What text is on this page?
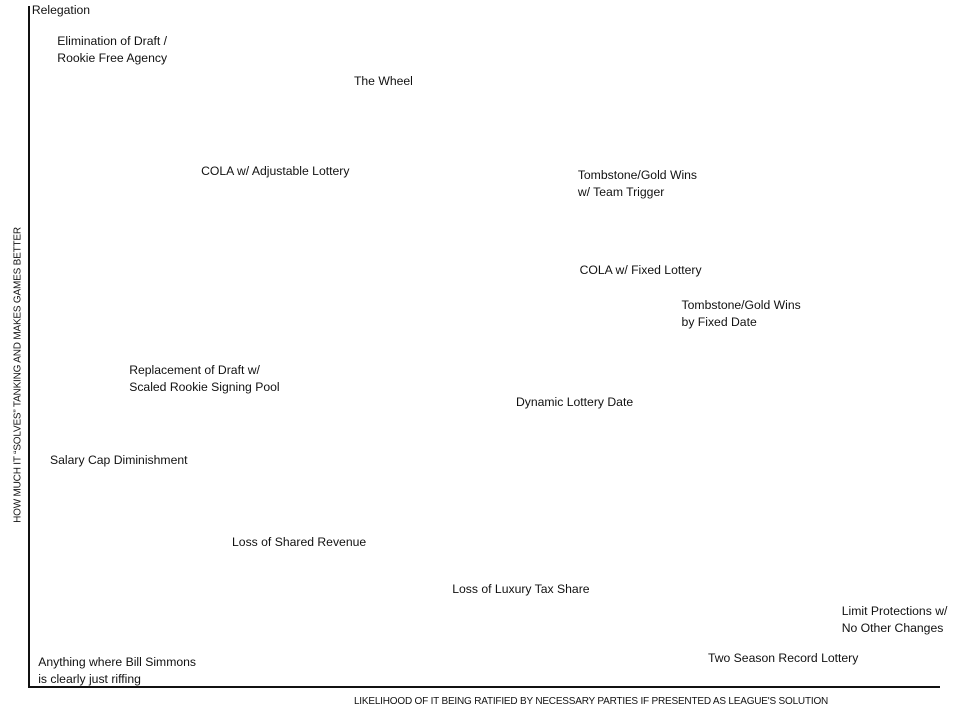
HOW MUCH IT “SOLVES” TANKING AND MAKES GAMES BETTER
LIKELIHOOD OF IT BEING RATIFIED BY NECESSARY PARTIES IF PRESENTED AS LEAGUE'S SOLUTION
Relegation
Elimination of Draft /
Rookie Free Agency
The Wheel
COLA w/ Adjustable Lottery	Tombstone/Gold Wins
w/ Team Trigger
COLA w/ Fixed Lottery
Tombstone/Gold Wins
by Fixed Date
Replacement of Draft w/
Scaled Rookie Signing Pool
Dynamic Lottery Date
Salary Cap Diminishment
Loss of Shared Revenue
Loss of Luxury Tax Share
Limit Protections w/
No Other Changes
Two Season Record Lottery
Anything where Bill Simmons
is clearly just riffing
